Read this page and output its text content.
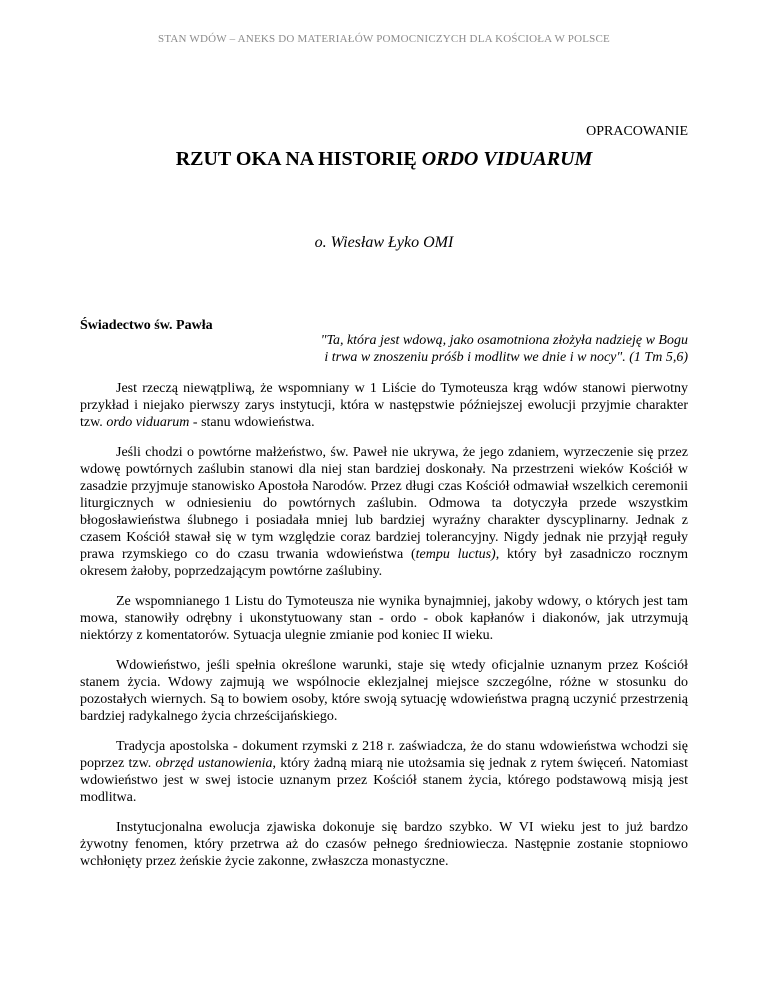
STAN WDÓW – ANEKS DO MATERIAŁÓW POMOCNICZYCH DLA KOŚCIOŁA W POLSCE
OPRACOWANIE
RZUT OKA NA HISTORIĘ ORDO VIDUARUM
o. Wiesław Łyko OMI
Świadectwo św. Pawła
"Ta, która jest wdową, jako osamotniona złożyła nadzieję w Bogu
i trwa w znoszeniu próśb i modlitw we dnie i w nocy". (1 Tm 5,6)

Jest rzeczą niewątpliwą, że wspomniany w 1 Liście do Tymoteusza krąg wdów stanowi pierwotny przykład i niejako pierwszy zarys instytucji, która w następstwie późniejszej ewolucji przyjmie charakter tzw. ordo viduarum - stanu wdowieństwa.

Jeśli chodzi o powtórne małżeństwo, św. Paweł nie ukrywa, że jego zdaniem, wyrzeczenie się przez wdowę powtórnych zaślubin stanowi dla niej stan bardziej doskonały. Na przestrzeni wieków Kościół w zasadzie przyjmuje stanowisko Apostoła Narodów. Przez długi czas Kościół odmawiał wszelkich ceremonii liturgicznych w odniesieniu do powtórnych zaślubin. Odmowa ta dotyczyła przede wszystkim błogosławieństwa ślubnego i posiadała mniej lub bardziej wyraźny charakter dyscyplinarny. Jednak z czasem Kościół stawał się w tym względzie coraz bardziej tolerancyjny. Nigdy jednak nie przyjął reguły prawa rzymskiego co do czasu trwania wdowieństwa (tempu luctus), który był zasadniczo rocznym okresem żałoby, poprzedzającym powtórne zaślubiny.

Ze wspomnianego 1 Listu do Tymoteusza nie wynika bynajmniej, jakoby wdowy, o których jest tam mowa, stanowiły odrębny i ukonstytuowany stan - ordo - obok kapłanów i diakonów, jak utrzymują niektórzy z komentatorów. Sytuacja ulegnie zmianie pod koniec II wieku.

Wdowieństwo, jeśli spełnia określone warunki, staje się wtedy oficjalnie uznanym przez Kościół stanem życia. Wdowy zajmują we wspólnocie eklezjalnej miejsce szczególne, różne w stosunku do pozostałych wiernych. Są to bowiem osoby, które swoją sytuację wdowieństwa pragną uczynić przestrzenią bardziej radykalnego życia chrześcijańskiego.

Tradycja apostolska - dokument rzymski z 218 r. zaświadcza, że do stanu wdowieństwa wchodzi się poprzez tzw. obrzęd ustanowienia, który żadną miarą nie utożsamia się jednak z rytem święceń. Natomiast wdowieństwo jest w swej istocie uznanym przez Kościół stanem życia, którego podstawową misją jest modlitwa.

Instytucjonalna ewolucja zjawiska dokonuje się bardzo szybko. W VI wieku jest to już bardzo żywotny fenomen, który przetrwa aż do czasów pełnego średniowiecza. Następnie zostanie stopniowo wchłonięty przez żeńskie życie zakonne, zwłaszcza monastyczne.
